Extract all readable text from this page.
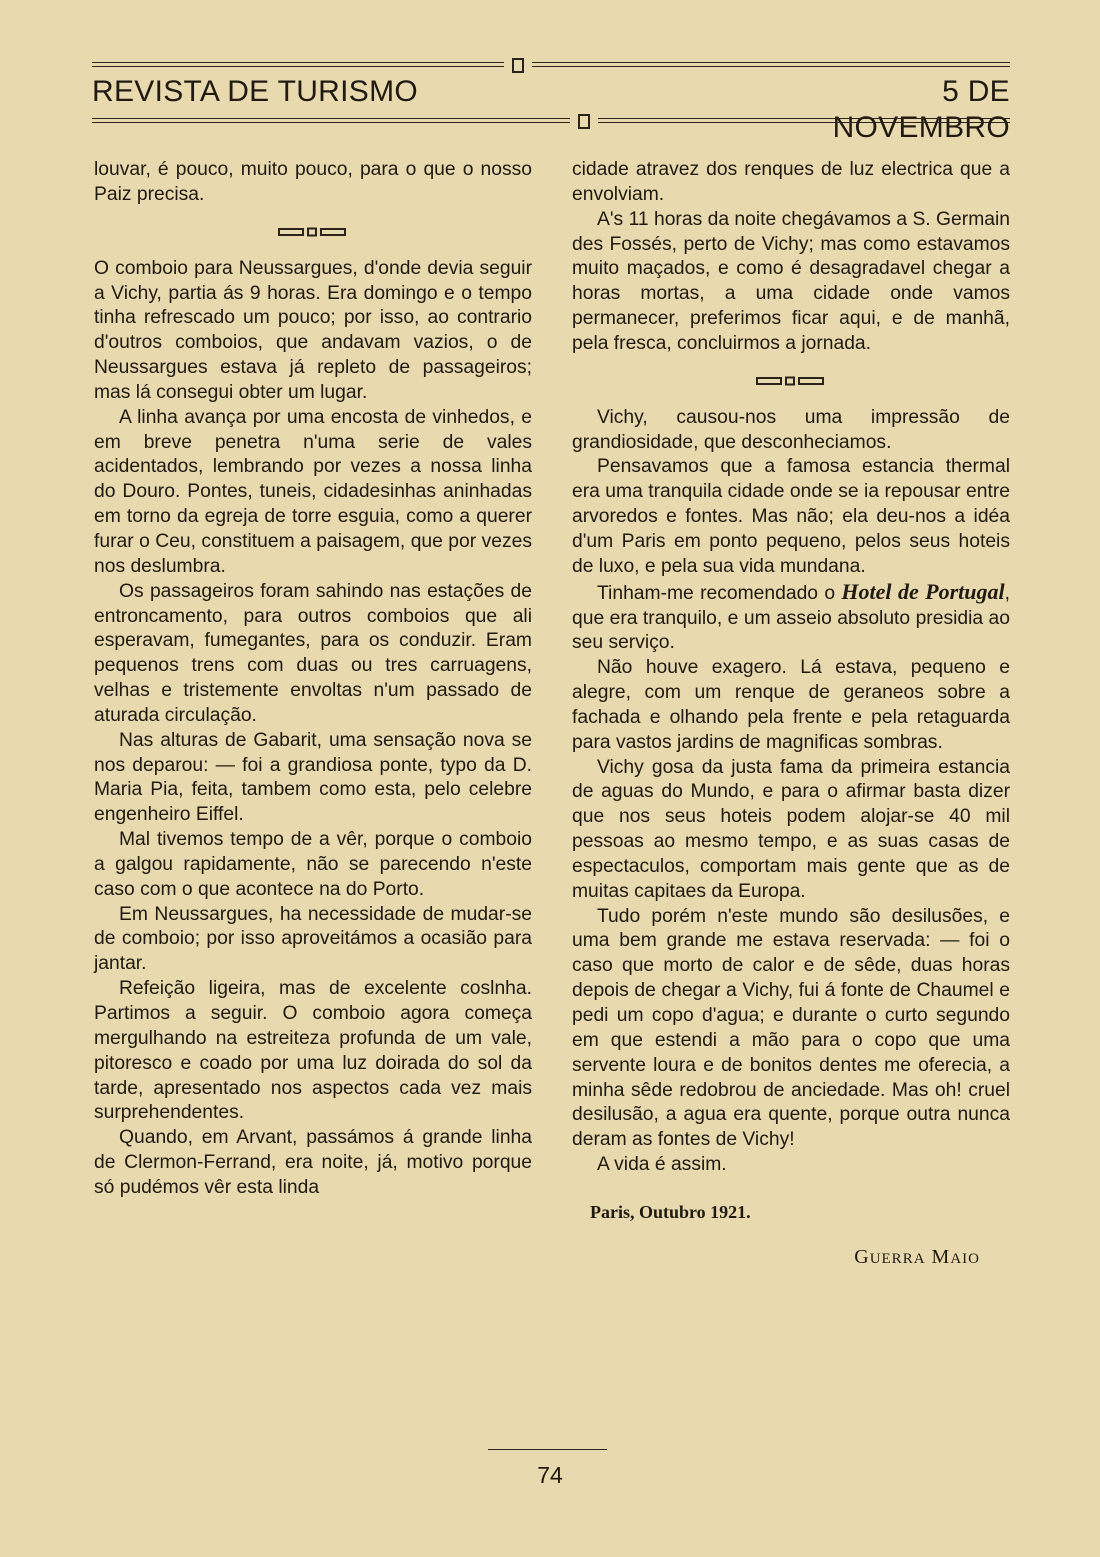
REVISTA DE TURISMO	5 DE NOVEMBRO

louvar, é pouco, muito pouco, para o que o nosso Paiz precisa.

O comboio para Neussargues, d'onde devia seguir a Vichy, partia ás 9 horas. Era domingo e o tempo tinha refrescado um pouco; por isso, ao contrario d'outros comboios, que andavam vazios, o de Neussargues estava já repleto de passageiros; mas lá consegui obter um lugar.

A linha avança por uma encosta de vinhedos, e em breve penetra n'uma serie de vales acidentados, lembrando por vezes a nossa linha do Douro. Pontes, tuneis, cidadesinhas aninhadas em torno da egreja de torre esguia, como a querer furar o Ceu, constituem a paisagem, que por vezes nos deslumbra.

Os passageiros foram sahindo nas estações de entroncamento, para outros comboios que ali esperavam, fumegantes, para os conduzir. Eram pequenos trens com duas ou tres carruagens, velhas e tristemente envoltas n'um passado de aturada circulação.

Nas alturas de Gabarit, uma sensação nova se nos deparou: — foi a grandiosa ponte, typo da D. Maria Pia, feita, tambem como esta, pelo celebre engenheiro Eiffel.

Mal tivemos tempo de a vêr, porque o comboio a galgou rapidamente, não se parecendo n'este caso com o que acontece na do Porto.

Em Neussargues, ha necessidade de mudar-se de comboio; por isso aproveitámos a ocasião para jantar.

Refeição ligeira, mas de excelente coslnha. Partimos a seguir. O comboio agora começa mergulhando na estreiteza profunda de um vale, pitoresco e coado por uma luz doirada do sol da tarde, apresentado nos aspectos cada vez mais surprehendentes.

Quando, em Arvant, passámos á grande linha de Clermon-Ferrand, era noite, já, motivo porque só pudémos vêr esta linda

cidade atravez dos renques de luz electrica que a envolviam.

A's 11 horas da noite chegávamos a S. Germain des Fossés, perto de Vichy; mas como estavamos muito maçados, e como é desagradavel chegar a horas mortas, a uma cidade onde vamos permanecer, preferimos ficar aqui, e de manhã, pela fresca, concluirmos a jornada.

Vichy, causou-nos uma impressão de grandiosidade, que desconheciamos.

Pensavamos que a famosa estancia thermal era uma tranquila cidade onde se ia repousar entre arvoredos e fontes. Mas não; ela deu-nos a idéa d'um Paris em ponto pequeno, pelos seus hoteis de luxo, e pela sua vida mundana.

Tinham-me recomendado o Hotel de Portugal, que era tranquilo, e um asseio absoluto presidia ao seu serviço.

Não houve exagero. Lá estava, pequeno e alegre, com um renque de geraneos sobre a fachada e olhando pela frente e pela retaguarda para vastos jardins de magnificas sombras.

Vichy gosa da justa fama da primeira estancia de aguas do Mundo, e para o afirmar basta dizer que nos seus hoteis podem alojar-se 40 mil pessoas ao mesmo tempo, e as suas casas de espectaculos, comportam mais gente que as de muitas capitaes da Europa.

Tudo porém n'este mundo são desilusões, e uma bem grande me estava reservada: — foi o caso que morto de calor e de sêde, duas horas depois de chegar a Vichy, fui á fonte de Chaumel e pedi um copo d'agua; e durante o curto segundo em que estendi a mão para o copo que uma servente loura e de bonitos dentes me oferecia, a minha sêde redobrou de anciedade. Mas oh! cruel desilusão, a agua era quente, porque outra nunca deram as fontes de Vichy!

A vida é assim.

Paris, Outubro 1921.
GUERRA MAIO
74
